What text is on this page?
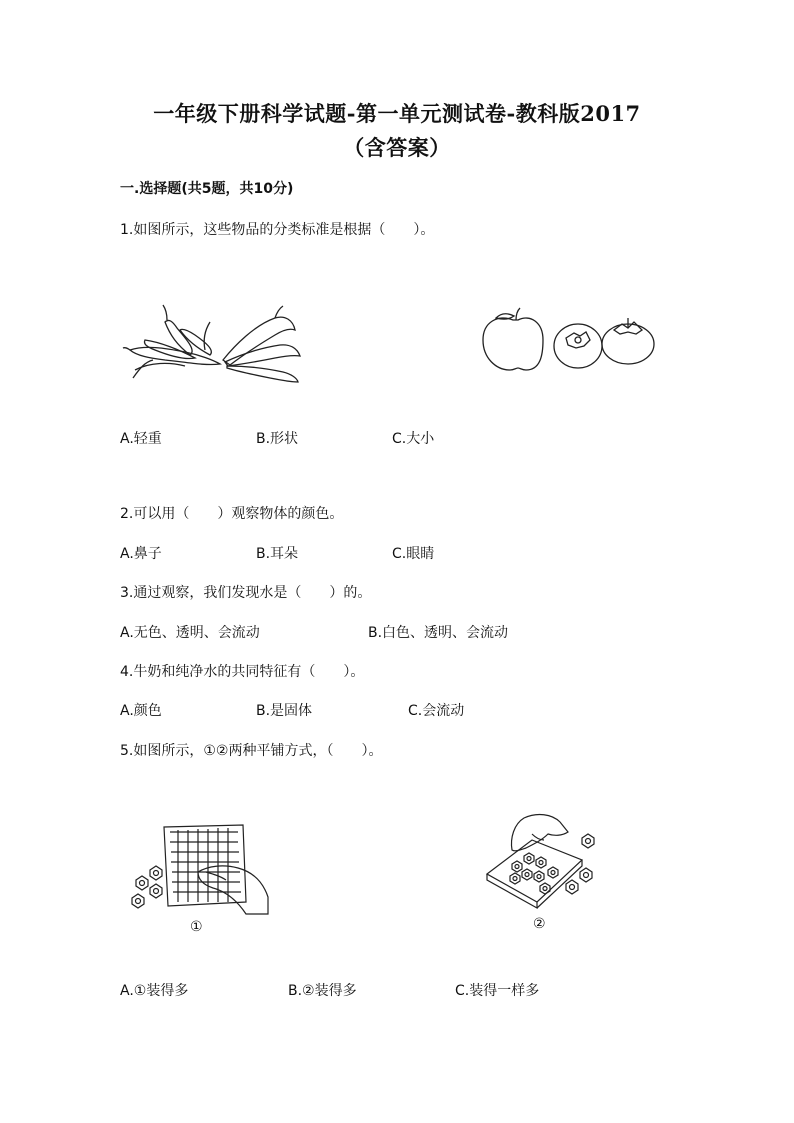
一年级下册科学试题-第一单元测试卷-教科版2017
（含答案）
一.选择题(共5题，共10分)
1.如图所示，这些物品的分类标准是根据（　　）。
A.轻重	B.形状	C.大小
2.可以用（　　）观察物体的颜色。
A.鼻子	B.耳朵	C.眼睛
3.通过观察，我们发现水是（　　）的。
A.无色、透明、会流动	B.白色、透明、会流动
4.牛奶和纯净水的共同特征有（　　）。
A.颜色	B.是固体	C.会流动
5.如图所示，①②两种平铺方式，（　　）。
①	②
A.①装得多	B.②装得多	C.装得一样多
